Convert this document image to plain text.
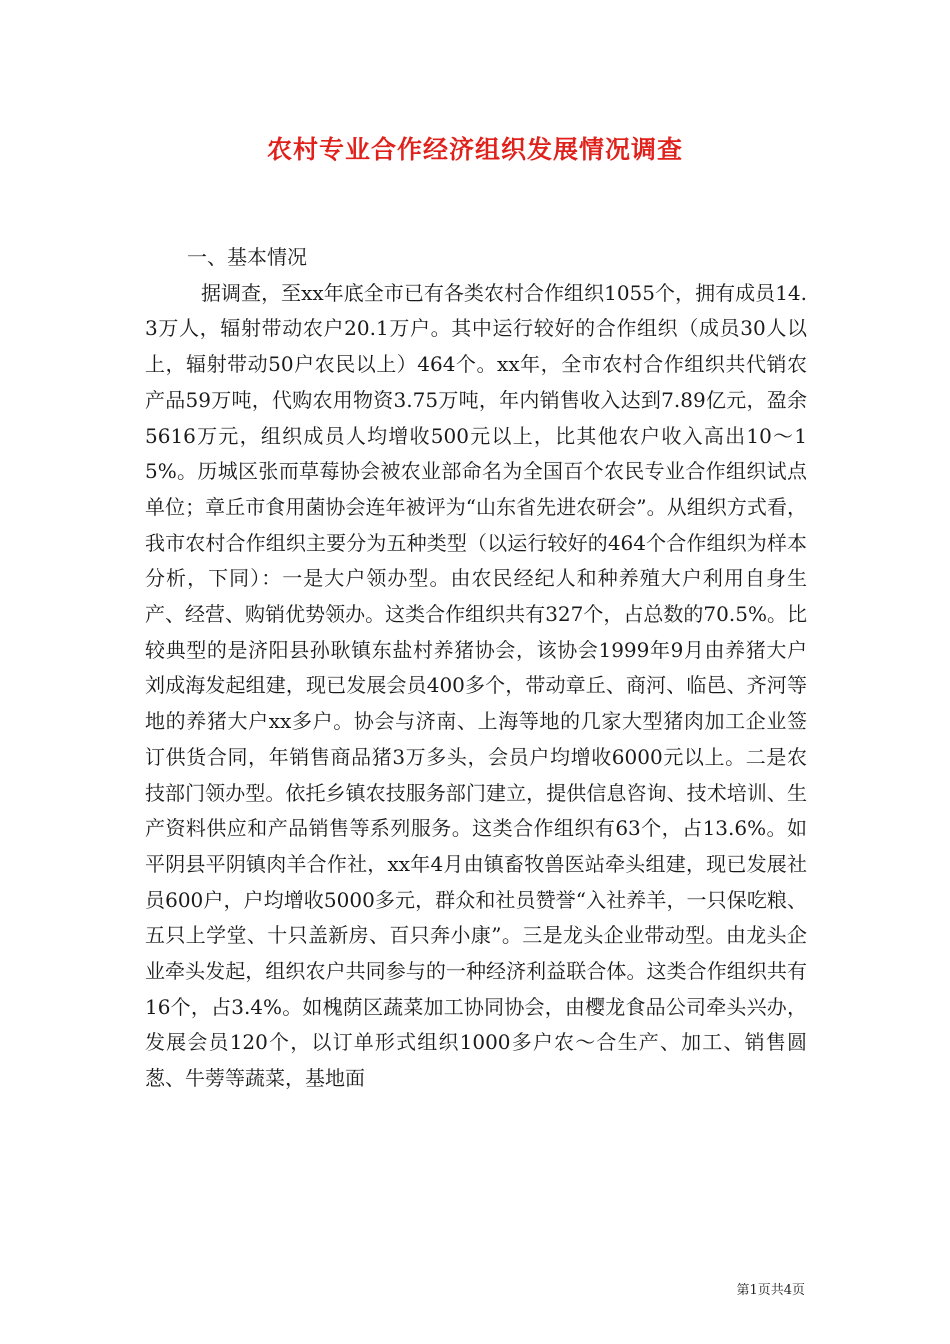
农村专业合作经济组织发展情况调查
一、基本情况

据调查，至xx年底全市已有各类农村合作组织1055个，拥有成员14.3万人，辐射带动农户20.1万户。其中运行较好的合作组织（成员30人以上，辐射带动50户农民以上）464个。xx年，全市农村合作组织共代销农产品59万吨，代购农用物资3.75万吨，年内销售收入达到7.89亿元，盈余5616万元，组织成员人均增收500元以上，比其他农户收入高出10～15%。历城区张而草莓协会被农业部命名为全国百个农民专业合作组织试点单位；章丘市食用菌协会连年被评为“山东省先进农研会”。从组织方式看，我市农村合作组织主要分为五种类型（以运行较好的464个合作组织为样本分析，下同）：一是大户领办型。由农民经纪人和种养殖大户利用自身生产、经营、购销优势领办。这类合作组织共有327个，占总数的70.5%。比较典型的是济阳县孙耿镇东盐村养猪协会，该协会1999年9月由养猪大户刘成海发起组建，现已发展会员400多个，带动章丘、商河、临邑、齐河等地的养猪大户xx多户。协会与济南、上海等地的几家大型猪肉加工企业签订供货合同，年销售商品猪3万多头，会员户均增收6000元以上。二是农技部门领办型。依托乡镇农技服务部门建立，提供信息咨询、技术培训、生产资料供应和产品销售等系列服务。这类合作组织有63个，占13.6%。如平阴县平阴镇肉羊合作社，xx年4月由镇畜牧兽医站牵头组建，现已发展社员600户，户均增收5000多元，群众和社员赞誉“入社养羊，一只保吃粮、五只上学堂、十只盖新房、百只奔小康”。三是龙头企业带动型。由龙头企业牵头发起，组织农户共同参与的一种经济利益联合体。这类合作组织共有16个，占3.4%。如槐荫区蔬菜加工协同协会，由樱龙食品公司牵头兴办，发展会员120个，以订单形式组织1000多户农～合生产、加工、销售圆葱、牛蒡等蔬菜，基地面

第1页共4页
